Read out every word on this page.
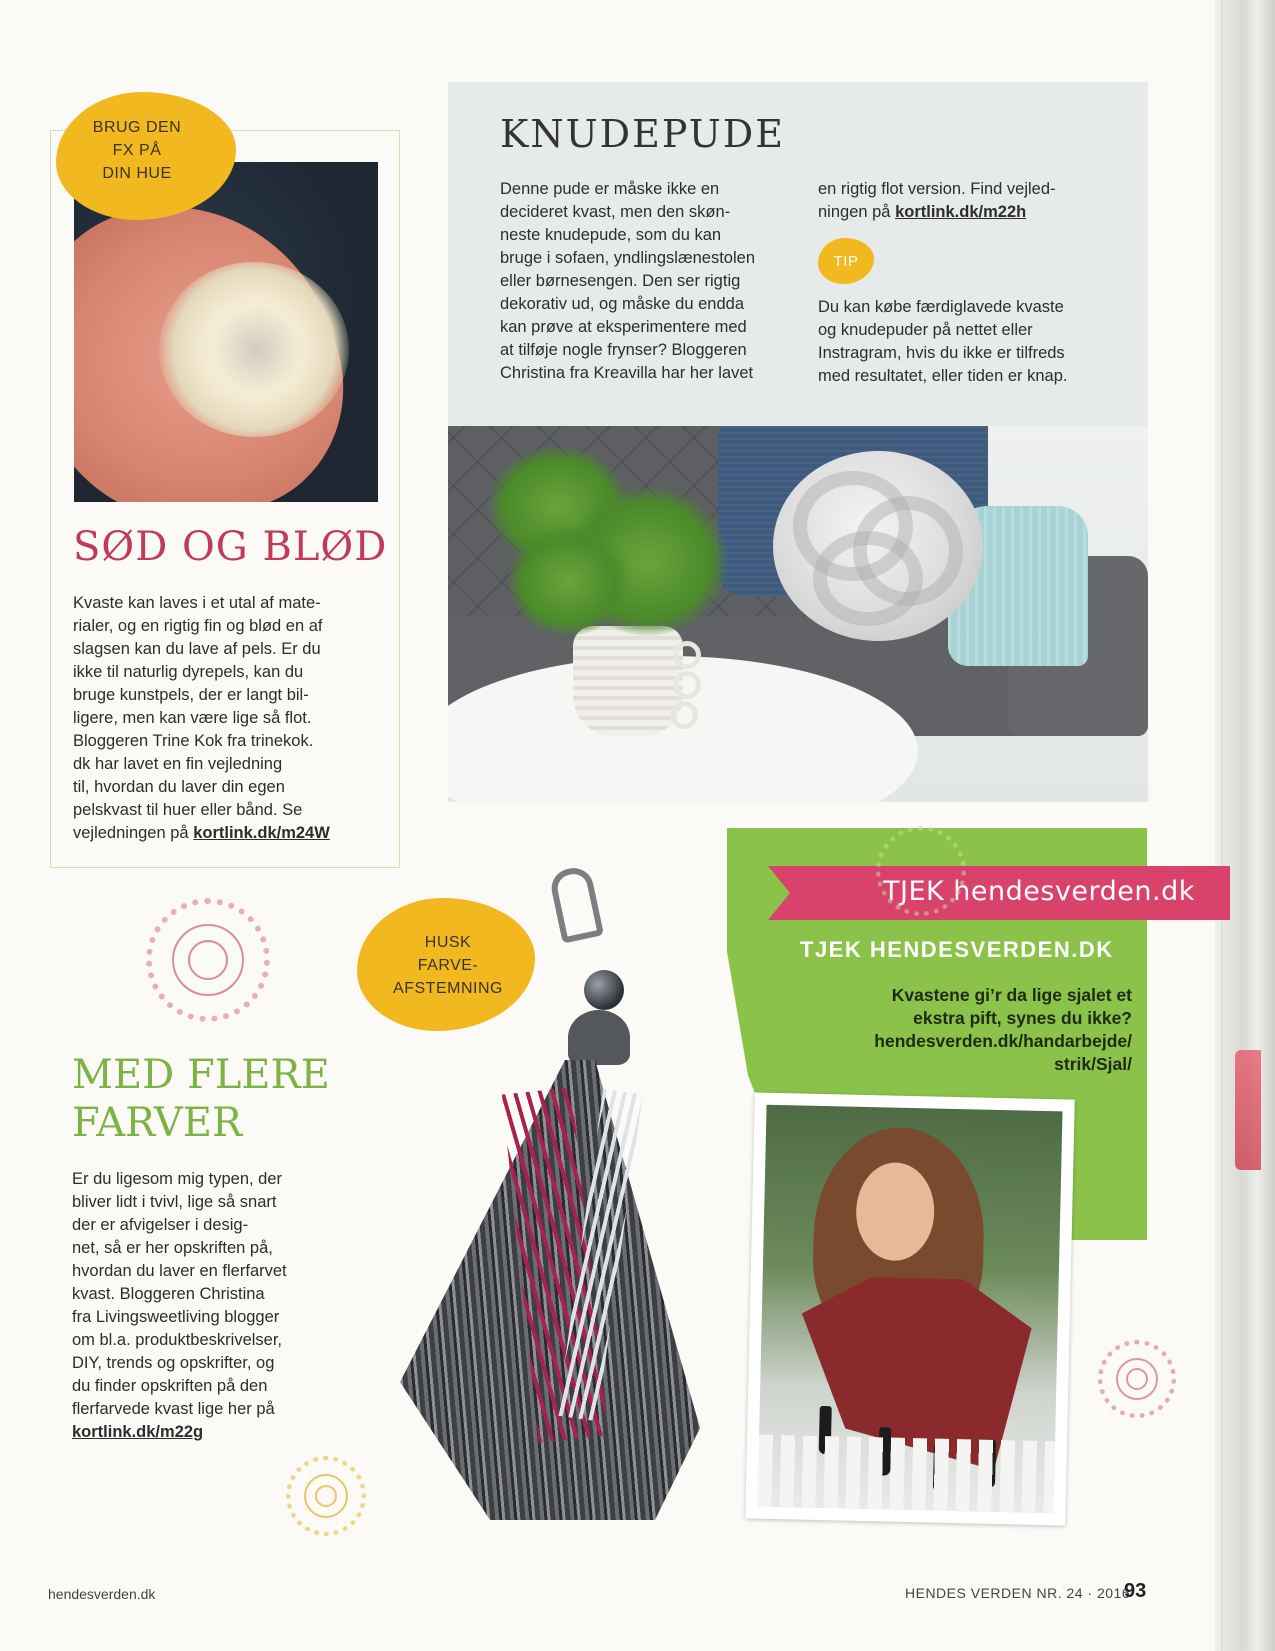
BRUG DEN
FX PÅ
DIN HUE
SØD OG BLØD
Kvaste kan laves i et utal af mate-
rialer, og en rigtig fin og blød en af
slagsen kan du lave af pels. Er du
ikke til naturlig dyrepels, kan du
bruge kunstpels, der er langt bil-
ligere, men kan være lige så flot.
Bloggeren Trine Kok fra trinekok.
dk har lavet en fin vejledning
til, hvordan du laver din egen
pelskvast til huer eller bånd. Se
vejledningen på kortlink.dk/m24W
KNUDEPUDE
Denne pude er måske ikke en
decideret kvast, men den skøn-
neste knudepude, som du kan
bruge i sofaen, yndlingslænestolen
eller børnesengen. Den ser rigtig
dekorativ ud, og måske du endda
kan prøve at eksperimentere med
at tilføje nogle frynser? Bloggeren
Christina fra Kreavilla har her lavet
en rigtig flot version. Find vejled-
ningen på kortlink.dk/m22h
TIP
Du kan købe færdiglavede kvaste
og knudepuder på nettet eller
Instragram, hvis du ikke er tilfreds
med resultatet, eller tiden er knap.
TJEK hendesverden.dk
TJEK HENDESVERDEN.DK
Kvastene gi’r da lige sjalet et
ekstra pift, synes du ikke?
hendesverden.dk/handarbejde/
strik/Sjal/
HUSK
FARVE-
AFSTEMNING
MED FLERE
FARVER
Er du ligesom mig typen, der
bliver lidt i tvivl, lige så snart
der er afvigelser i desig-
net, så er her opskriften på,
hvordan du laver en flerfarvet
kvast. Bloggeren Christina
fra Livingsweetliving blogger
om bl.a. produktbeskrivelser,
DIY, trends og opskrifter, og
du finder opskriften på den
flerfarvede kvast lige her på
kortlink.dk/m22g
hendesverden.dk	HENDES VERDEN NR. 24 · 2016
93
